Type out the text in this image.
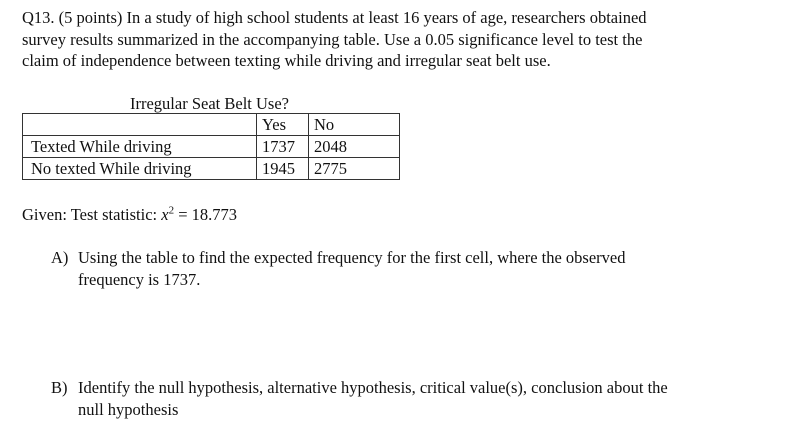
Q13. (5 points) In a study of high school students at least 16 years of age, researchers obtained
survey results summarized in the accompanying table. Use a 0.05 significance level to test the
claim of independence between texting while driving and irregular seat belt use.

Irregular Seat Belt Use?
	Yes	No
Texted While driving	1737	2048
No texted While driving	1945	2775
Given: Test statistic: $x^2 = 18.773$
A) Using the table to find the expected frequency for the first cell, where the observed
frequency is 1737.
B) Identify the null hypothesis, alternative hypothesis, critical value(s), conclusion about the
null hypothesis
